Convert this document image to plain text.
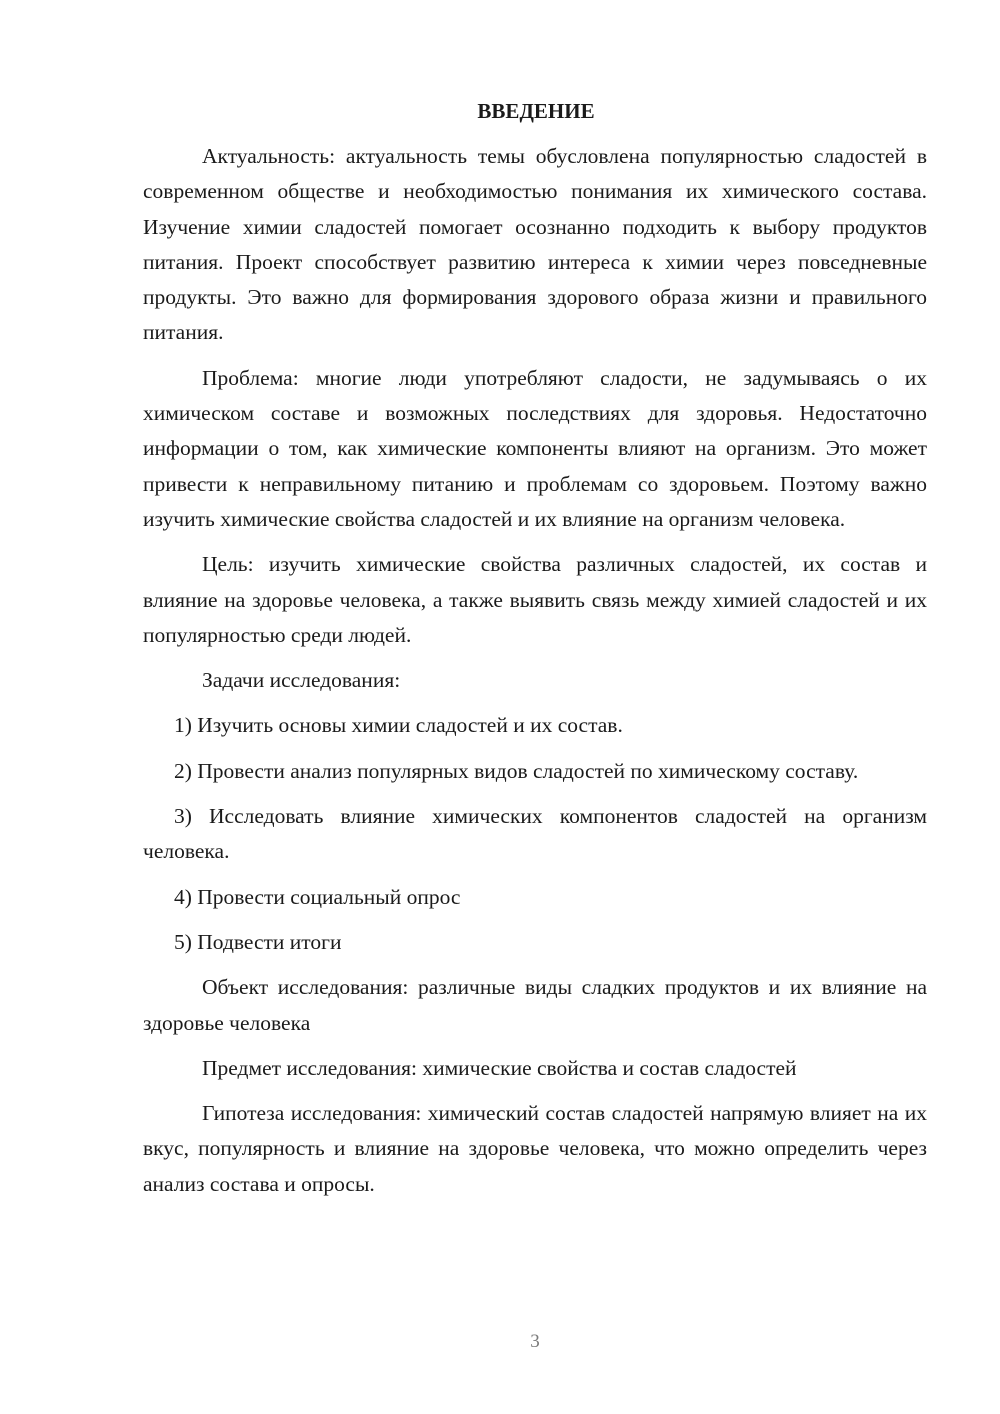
ВВЕДЕНИЕ

Актуальность: актуальность темы обусловлена популярностью сладостей в современном обществе и необходимостью понимания их химического состава. Изучение химии сладостей помогает осознанно подходить к выбору продуктов питания. Проект способствует развитию интереса к химии через повседневные продукты. Это важно для формирования здорового образа жизни и правильного питания.

Проблема: многие люди употребляют сладости, не задумываясь о их химическом составе и возможных последствиях для здоровья. Недостаточно информации о том, как химические компоненты влияют на организм. Это может привести к неправильному питанию и проблемам со здоровьем. Поэтому важно изучить химические свойства сладостей и их влияние на организм человека.

Цель: изучить химические свойства различных сладостей, их состав и влияние на здоровье человека, а также выявить связь между химией сладостей и их популярностью среди людей.

Задачи исследования:

1) Изучить основы химии сладостей и их состав.

2) Провести анализ популярных видов сладостей по химическому составу.

3) Исследовать влияние химических компонентов сладостей на организм человека.

4) Провести социальный опрос

5) Подвести итоги

Объект исследования: различные виды сладких продуктов и их влияние на здоровье человека

Предмет исследования: химические свойства и состав сладостей

Гипотеза исследования: химический состав сладостей напрямую влияет на их вкус, популярность и влияние на здоровье человека, что можно определить через анализ состава и опросы.

3
